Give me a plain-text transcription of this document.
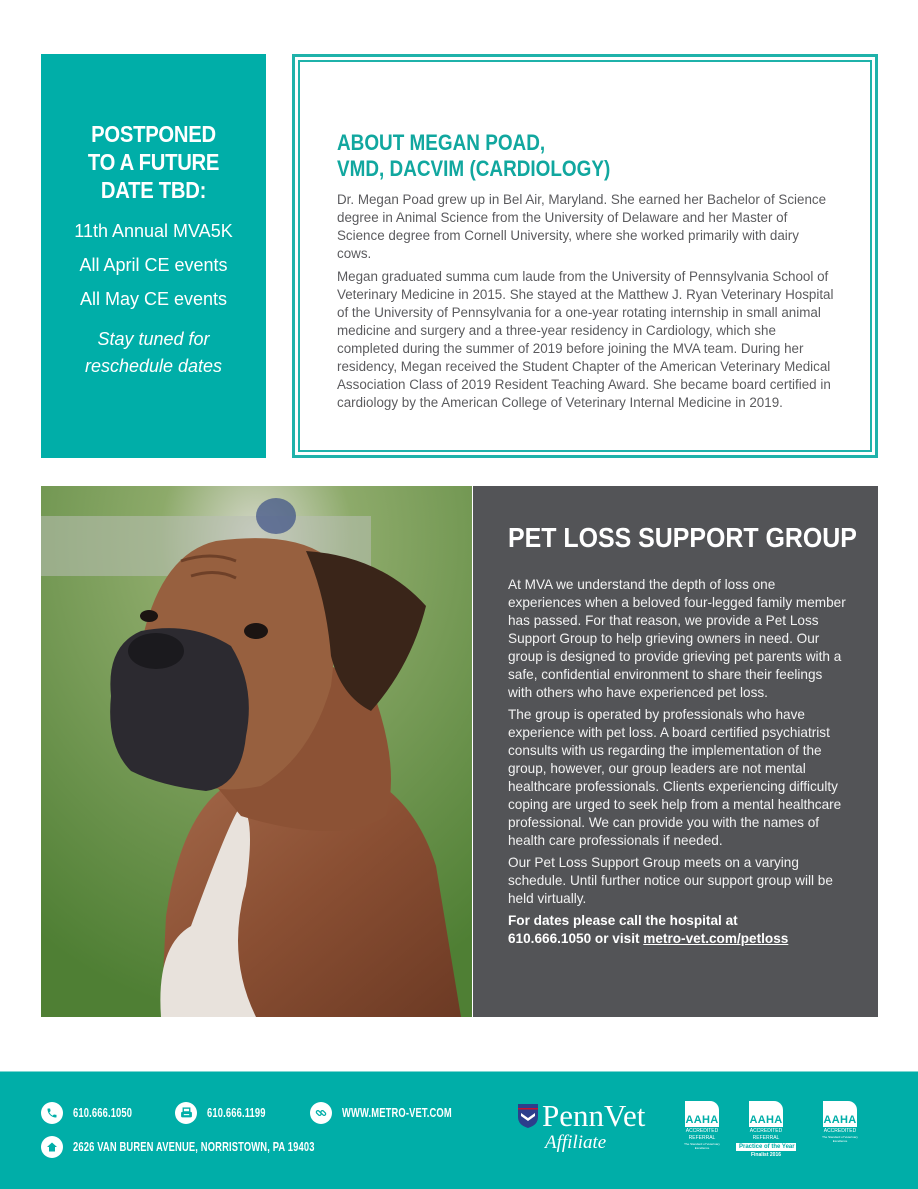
POSTPONED
TO A FUTURE
DATE TBD:
11th Annual MVA5K
All April CE events
All May CE events
Stay tuned for
reschedule dates
ABOUT MEGAN POAD,
VMD, DACVIM (CARDIOLOGY)

Dr. Megan Poad grew up in Bel Air, Maryland. She earned her Bachelor of Science degree in Animal Science from the University of Delaware and her Master of Science degree from Cornell University, where she worked primarily with dairy cows.

Megan graduated summa cum laude from the University of Pennsylvania School of Veterinary Medicine in 2015. She stayed at the Matthew J. Ryan Veterinary Hospital of the University of Pennsylvania for a one-year rotating internship in small animal medicine and surgery and a three-year residency in Cardiology, which she completed during the summer of 2019 before joining the MVA team. During her residency, Megan received the Student Chapter of the American Veterinary Medical Association Class of 2019 Resident Teaching Award. She became board certified in cardiology by the American College of Veterinary Internal Medicine in 2019.

PET LOSS SUPPORT GROUP

At MVA we understand the depth of loss one experiences when a beloved four-legged family member has passed. For that reason, we provide a Pet Loss Support Group to help grieving owners in need. Our group is designed to provide grieving pet parents with a safe, confidential environment to share their feelings with others who have experienced pet loss.

The group is operated by professionals who have experience with pet loss. A board certified psychiatrist consults with us regarding the implementation of the group, however, our group leaders are not mental healthcare professionals. Clients experiencing difficulty coping are urged to seek help from a mental healthcare professional. We can provide you with the names of health care professionals if needed.

Our Pet Loss Support Group meets on a varying schedule. Until further notice our support group will be held virtually.

For dates please call the hospital at
610.666.1050 or visit metro-vet.com/petloss
610.666.1050	610.666.1199	WWW.METRO-VET.COM
2626 VAN BUREN AVENUE, NORRISTOWN, PA 19403
PennVet
Affiliate
AAHA
ACCREDITED
REFERRAL
The Standard of Veterinary Excellence
AAHA
ACCREDITED
REFERRAL
Practice of the Year
Finalist 2016
AAHA
ACCREDITED
The Standard of Veterinary Excellence
